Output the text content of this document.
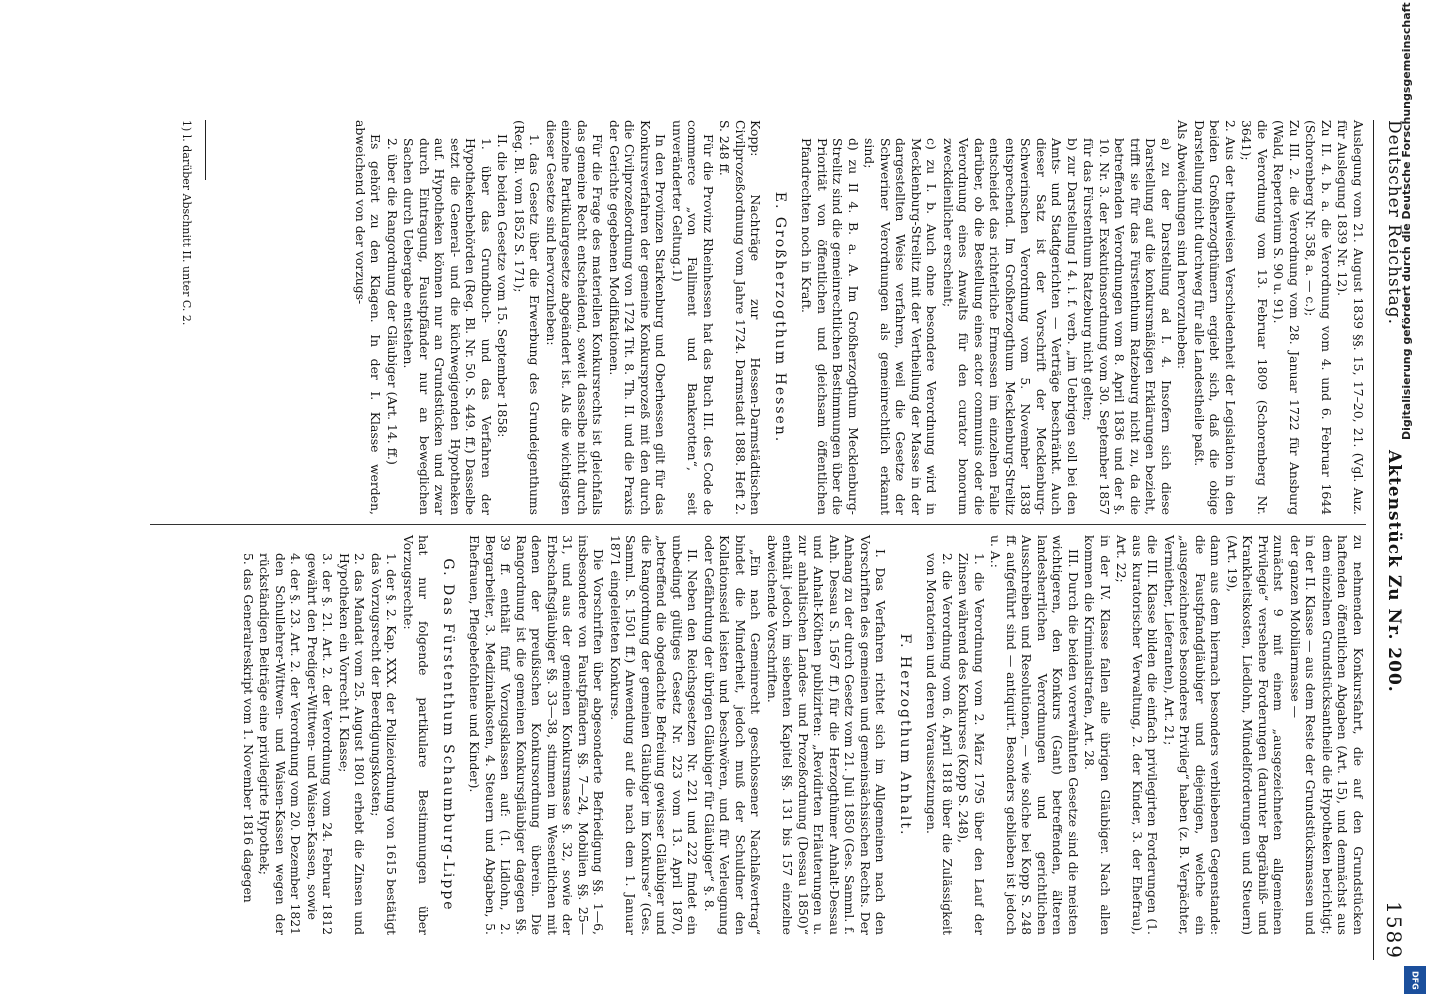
Deutscher Reichstag.
Aktenstück Zu Nr. 200.
1589

Auslegung vom 21. August 1839 §§. 15, 17–20, 21. (Vgl. Auz. für Auslegung 1839 Nr. 12).

Zu II. 4. b. a. die Verordnung vom 4. und 6. Februar 1644 (Schorenberg Nr. 358, a. — c.);

Zu III. 2. die Verordnung vom 28. Januar 1722 für Ansburg (Wald, Repertorium S. 90 u. 91).

die Verordnung vom 13. Februar 1809 (Schorenberg Nr. 3641);

2. Aus der theilweisen Verschiedenheit der Legislation in den beiden Großherzogthümern ergiebt sich, daß die obige Darstellung nicht durchweg für alle Landestheile paßt.

Als Abweichungen sind hervorzuheben:

a) zu der Darstellung ad I. 4. Insofern sich diese Darstellung auf die konkursmäßigen Erklärungen bezieht, trifft sie für das Fürstenthum Ratzeburg nicht zu, da die betreffenden Verordnungen vom 8. April 1836 und der §. 10. Nr. 3. der Exekutionsordnung vom 30. September 1857 für das Fürstenthum Ratzeburg nicht gelten;

b) zur Darstellung I 4. i. f. verb. „im Uebrigen soll bei den Amts- und Stadtgerichten — Verträge beschränkt. Auch dieser Satz ist der Vorschrift der Mecklenburg-Schwerinschen Verordnung vom 5. November 1838 entsprechend. Im Großherzogthum Mecklenburg-Strelitz entscheidet das richterliche Ermessen im einzelnen Falle darüber, ob die Bestellung eines actor communis oder die Verordnung eines Anwalts für den curator bonorum zweckdienlicher erscheint;

c) zu I. b. Auch ohne besondere Verordnung wird in Mecklenburg-Strelitz mit der Vertheilung der Masse in der dargestellten Weise verfahren, weil die Gesetze der Schweriner Verordnungen als gemeinrechtlich erkannt sind;

d) zu II 4. B. a. A. Im Großherzogthum Mecklenburg-Strelitz sind die gemeinrechtlichen Bestimmungen über die Priorität von öffentlichen und gleichsam öffentlichen Pfandrechten noch in Kraft.

E. Großherzogthum Hessen.

Kopp: Nachträge zur Hessen-Darmstädtischen Civilprozeßordnung vom Jahre 1724. Darmstadt 1888. Heft 2. S. 248 ff.

Für die Provinz Rheinhessen hat das Buch III. des Code de commerce „von Falliment und Bankerotten“, seit unveränderter Geltung.1)

In den Provinzen Starkenburg und Oberhessen gilt für das Konkursverfahren der gemeine Konkursprozeß mit den durch die Civilprozeßordnung von 1724 Tit. 8. Th. II. und die Praxis der Gerichte gegebenen Modifikationen.

Für die Frage des materiellen Konkursrechts ist gleichfalls das gemeine Recht entscheidend, soweit dasselbe nicht durch einzelne Partikulargesetze abgeändert ist. Als die wichtigsten dieser Gesetze sind hervorzuheben:

1. das Gesetz über die Erwerbung des Grundeigenthums (Reg. Bl. vom 1852 S. 171);

II. die beiden Gesetze vom 15. September 1858:

1. über das Grundbuch- und das Verfahren der Hypothekenbehörden (Reg. Bl. Nr. 50. S. 449. ff.) Dasselbe setzt die General- und die küchwegigenden Hypotheken auf. Hypotheken können nur an Grundstücken und zwar durch Eintragung, Faustpfänder nur an beweglichen Sachen durch Uebergabe entstehen.

2. über die Rangordnung der Gläubiger (Art. 14. ff.)

Es gehört zu den Klagen. In der I. Klasse werden, abweichend von der vorzugs-

zu nehmenden Konkursfahrt, die auf den Grundstücken haftenden öffentlichen Abgaben (Art. 15), und demnächst aus dem einzelnen Grundstücksantheile die Hypotheken berichtigt;

in der II. Klasse — aus dem Reste der Grundstücksmassen und der ganzen Mobiliarmasse —

zunächst 9 mit einem „ausgezeichneten allgemeinen Privilegie“ versehene Forderungen (darunter Begräbniß- und Krankheitskosten, Liedlohn, Mündelforderungen und Steuern) (Art. 19),

dann aus dem hiernach besonders verbliebenen Gegenstande: die Faustpfandgläubiger und diejenigen, welche ein „ausgezeichnetes besonderes Privileg“ haben (z. B. Verpächter, Vermiether, Lieferanten), Art. 21;

die III. Klasse bilden die einfach privilegirten Forderungen (1. aus kuratorischer Verwaltung, 2. der Kinder, 3. der Ehefrau), Art. 22;

in der IV. Klasse fallen alle übrigen Gläubiger. Nach allen kommen die Kriminalstrafen, Art. 28.

III. Durch die beiden vorerwähnten Gesetze sind die meisten wichtigeren, den Konkurs (Gant) betreffenden, älteren landesherrlichen Verordnungen und gerichtlichen Ausschreiben und Resolutionen, — wie solche bei Kopp S. 248 ff. aufgeführt sind — antiquirt. Besonders geblieben ist jedoch u. A.:

1. die Verordnung vom 2. März 1795 über den Lauf der Zinsen während des Konkurses (Kopp S. 248),

2. die Verordnung vom 6. April 1818 über die Zulässigkeit von Moratorien und deren Voraussetzungen.

F. Herzogthum Anhalt.

I. Das Verfahren richtet sich im Allgemeinen nach den Vorschriften des gemeinen und gemeinsächsischen Rechts. Der Anhang zu der durch Gesetz vom 21. Juli 1850 (Ges. Samml. f. Anh. Dessau S. 1567 ff.) für die Herzogthümer Anhalt-Dessau und Anhalt-Köthen publizirten: „Revidirten Erläuterungen u. zur anhaltischen Landes- und Prozeßordnung (Dessau 1850)“ enthält jedoch im siebenten Kapitel §§. 131 bis 157 einzelne abweichende Vorschriften.

„Ein nach Gemeinrecht geschlossener Nachlaßvertrag“ bindet die Minderheit, jedoch muß der Schuldner den Kollationsseid leisten und beschwören, und für Verleugnung oder Gefährdung der übrigen Gläubiger für Gläubiger“ §. 8.

II. Neben den Reichsgesetzen Nr. 221 und 222 findet ein unbedingt gültiges Gesetz Nr. 223 vom 13. April 1870, „betreffend die obgedachte Befreiung gewisser Gläubiger und die Rangordnung der gemeinen Gläubiger im Konkurse“ (Ges. Samml. S. 1501 ff.) Anwendung auf die nach dem 1. Januar 1871 eingeleiteten Konkurse.

Die Vorschriften über abgesonderte Befriedigung §§. 1—6, insbesondere von Faustpfändern §§. 7—24, Mobilien §§. 25—31, und aus der gemeinen Konkursmasse §. 32, sowie der Erbschaftsgläubiger §§. 33—38, stimmen im Wesentlichen mit denen der preußischen Konkursordnung überein. Die Rangordnung ist die gemeinen Konkursgläubiger dagegen §§. 39 ff. enthält fünf Vorzugsklassen auf: (1. Lidlohn, 2. Bergarbeiter, 3. Medizinalkosten, 4. Steuern und Abgaben, 5. Ehefrauen, Pflegebefohlene und Kinder).

G. Das Fürstenthum Schaumburg-Lippe

hat nur folgende partikulare Bestimmungen über Vorzugsrechte:

1. der §. 2. Kap. XXX. der Polizeiordnung von 1615 bestätigt das Vorzugsrecht der Beerdigungskosten;

2. das Mandat vom 25. August 1801 erhebt die Zinsen und Hypotheken ein Vorrecht I. Klasse;

3. der §. 21. Art. 2. der Verordnung vom 24. Februar 1812 gewährt den Prediger-Wittwen- und Waisen-Kassen, sowie

4. der §. 23. Art. 2. der Verordnung vom 20. Dezember 1821 den Schullehrer-Wittwen- und Waisen-Kassen wegen der rückständigen Beiträge eine privilegirte Hypothek;

5. das Generalreskript vom 1. November 1816 dagegen

1) l. darüber Abschnitt II. unter C. 2.	Digitalisierung gefördert durch die Deutsche Forschungsgemeinschaft
DFG
